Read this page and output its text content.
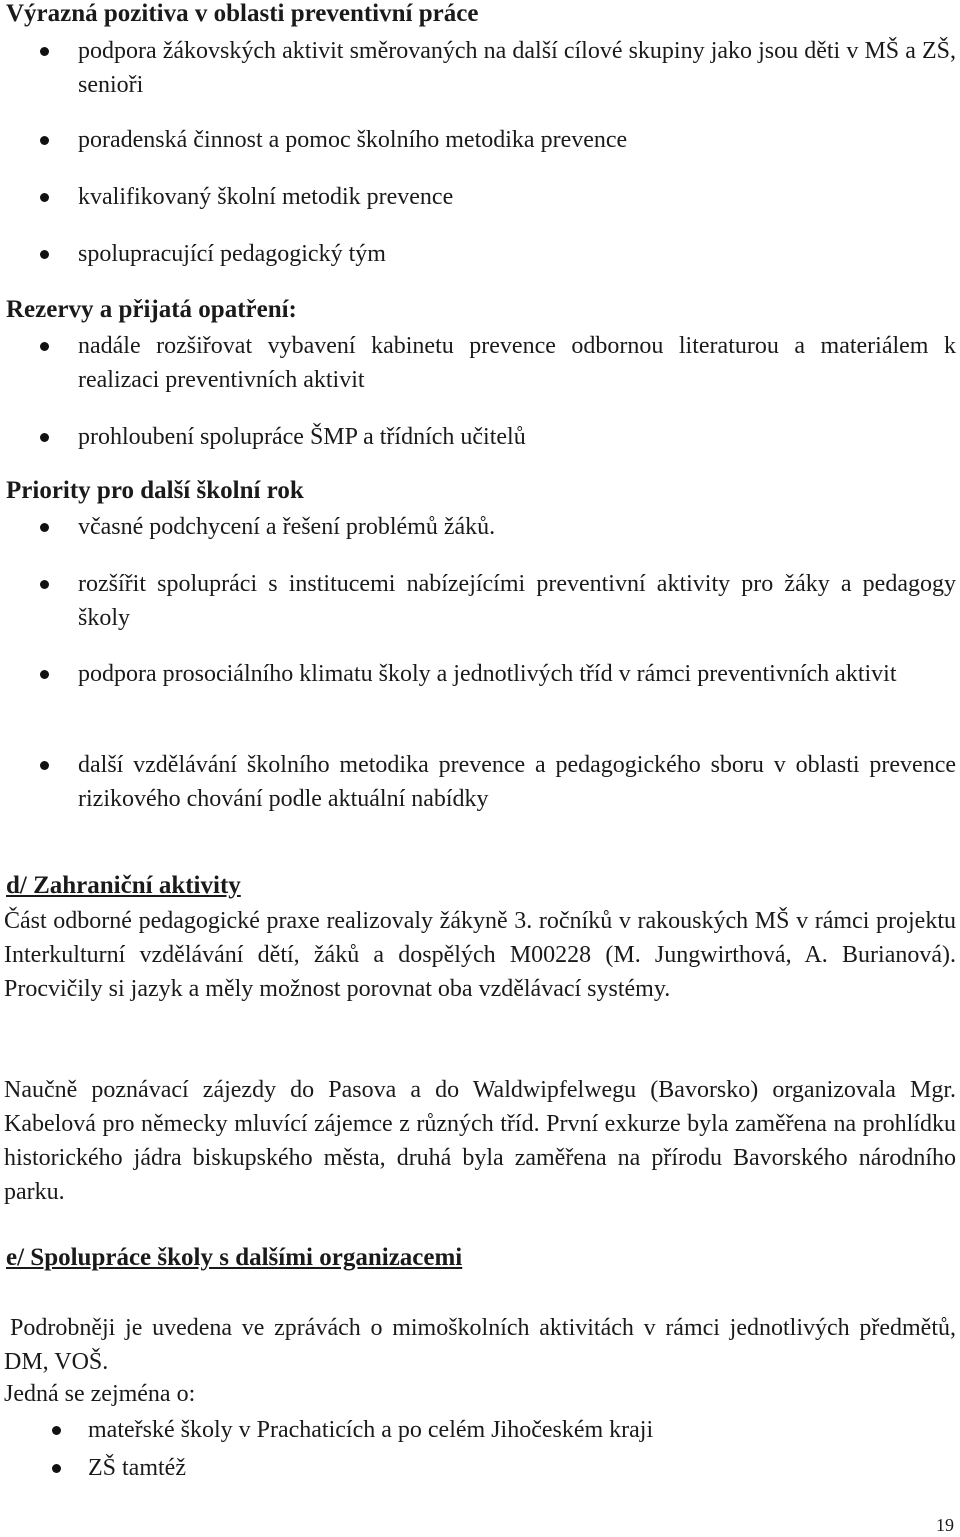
Výrazná pozitiva v oblasti preventivní práce
podpora žákovských aktivit směrovaných na další cílové skupiny jako jsou děti v MŠ a ZŠ, senioři
poradenská činnost a pomoc školního metodika prevence
kvalifikovaný školní metodik prevence
spolupracující pedagogický tým
Rezervy a přijatá opatření:
nadále rozšiřovat vybavení kabinetu prevence odbornou literaturou a materiálem k realizaci preventivních aktivit
prohloubení spolupráce ŠMP a třídních učitelů
Priority pro další školní rok
včasné podchycení a řešení problémů žáků.
rozšířit spolupráci s institucemi nabízejícími preventivní aktivity pro žáky a pedagogy školy
podpora prosociálního klimatu školy a jednotlivých tříd v rámci preventivních aktivit
další vzdělávání školního metodika prevence a pedagogického sboru v oblasti prevence rizikového chování podle aktuální nabídky
d/ Zahraniční aktivity
Část odborné pedagogické praxe realizovaly žákyně 3. ročníků v rakouských MŠ v rámci projektu Interkulturní vzdělávání dětí, žáků a dospělých M00228 (M. Jungwirthová, A. Burianová). Procvičily si jazyk a měly možnost porovnat oba vzdělávací systémy.
Naučně poznávací zájezdy do Pasova a do Waldwipfelwegu (Bavorsko) organizovala Mgr. Kabelová pro německy mluvící zájemce z různých tříd. První exkurze byla zaměřena na prohlídku historického jádra biskupského města, druhá byla zaměřena na přírodu Bavorského národního parku.
e/ Spolupráce školy s dalšími organizacemi
Podrobněji je uvedena ve zprávách o mimoškolních aktivitách v rámci jednotlivých předmětů, DM, VOŠ.
Jedná se zejména o:
mateřské školy v Prachaticích a po celém Jihočeském kraji
ZŠ tamtéž
19
